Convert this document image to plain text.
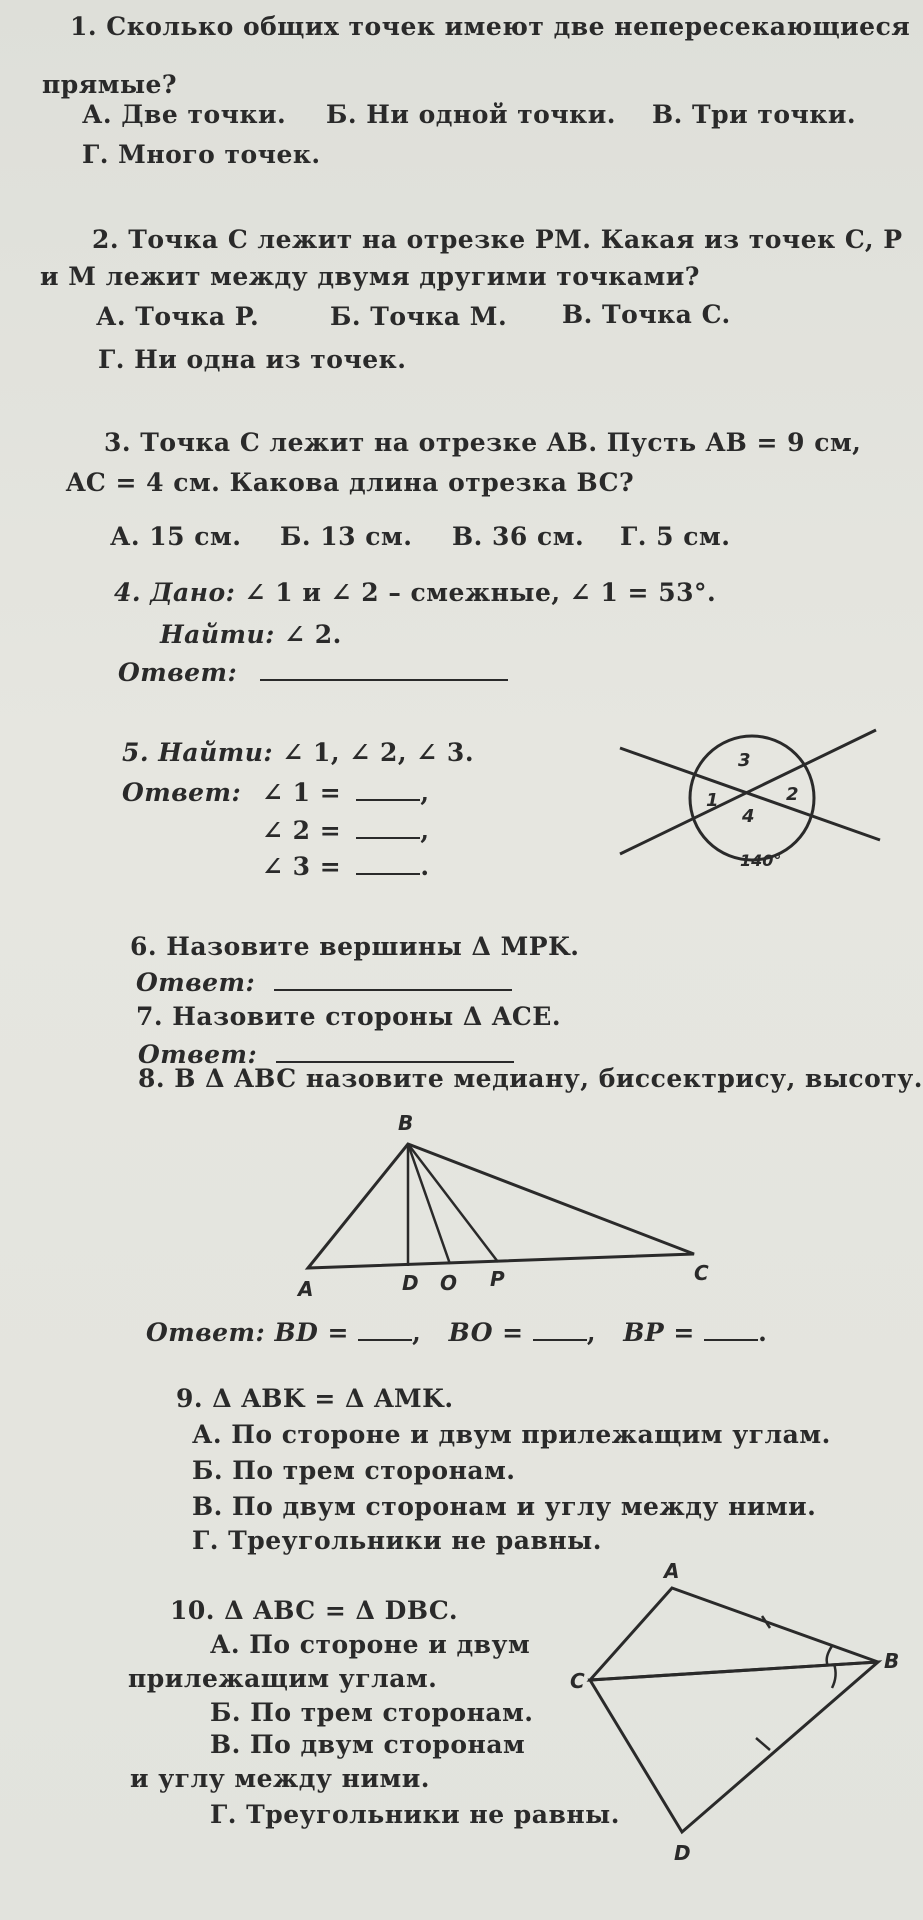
1. Сколько общих точек имеют две непересекающиеся
прямые?
А. Две точки. Б. Ни одной точки. В. Три точки.
Г. Много точек.
2. Точка C лежит на отрезке PM. Какая из точек C, P
и M лежит между двумя другими точками?
А. Точка P.	Б. Точка M. В. Точка C.
Г. Ни одна из точек.
3. Точка C лежит на отрезке AB. Пусть AB = 9 см,
AC = 4 см. Какова длина отрезка BC?
А. 15 см. Б. 13 см. В. 36 см. Г. 5 см.
4. Дано: ∠ 1 и ∠ 2 – смежные, ∠ 1 = 53°.
Найти: ∠ 2.
Ответ:
5. Найти: ∠ 1, ∠ 2, ∠ 3.
Ответ: ∠ 1 =	,
∠ 2 =	,
∠ 3 =	.
3
2
1
4
140°
6. Назовите вершины Δ MPK.
Ответ:
7. Назовите стороны Δ ACE.
Ответ:
8. В Δ ABC назовите медиану, биссектрису, высоту.
B
A
C
D O P
Ответ: BD =	, BO =	, BP =	.
9. Δ ABK = Δ AMK.
А. По стороне и двум прилежащим углам.
Б. По трем сторонам.
В. По двум сторонам и углу между ними.
Г. Треугольники не равны.
10. Δ ABC = Δ DBC.
А. По стороне и двум
прилежащим углам.
Б. По трем сторонам.
В. По двум сторонам
и углу между ними.
Г. Треугольники не равны.
A
B
C
D
